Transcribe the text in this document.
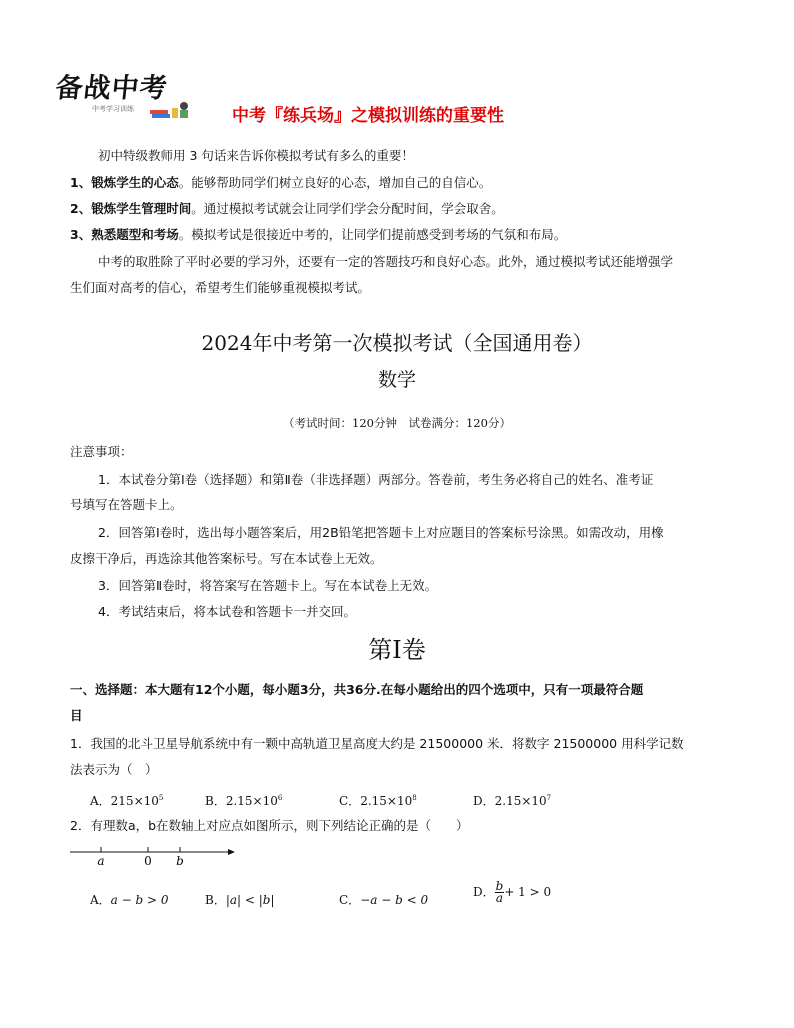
备战中考
中考学习训练	中考『练兵场』之模拟训练的重要性
初中特级教师用 3 句话来告诉你模拟考试有多么的重要！
1、锻炼学生的心态。能够帮助同学们树立良好的心态，增加自己的自信心。
2、锻炼学生管理时间。通过模拟考试就会让同学们学会分配时间，学会取舍。
3、熟悉题型和考场。模拟考试是很接近中考的，让同学们提前感受到考场的气氛和布局。
中考的取胜除了平时必要的学习外，还要有一定的答题技巧和良好心态。此外，通过模拟考试还能增强学
生们面对高考的信心，希望考生们能够重视模拟考试。
2024年中考第一次模拟考试（全国通用卷）
数学
（考试时间：120分钟　试卷满分：120分）
注意事项：
1．本试卷分第Ⅰ卷（选择题）和第Ⅱ卷（非选择题）两部分。答卷前，考生务必将自己的姓名、准考证
号填写在答题卡上。
2．回答第Ⅰ卷时，选出每小题答案后，用2B铅笔把答题卡上对应题目的答案标号涂黑。如需改动，用橡
皮擦干净后，再选涂其他答案标号。写在本试卷上无效。
3．回答第Ⅱ卷时，将答案写在答题卡上。写在本试卷上无效。
4．考试结束后，将本试卷和答题卡一并交回。
第Ⅰ卷
一、选择题：本大题有12个小题，每小题3分，共36分.在每小题给出的四个选项中，只有一项最符合题
目
1．我国的北斗卫星导航系统中有一颗中高轨道卫星高度大约是 21500000 米．将数字 21500000 用科学记数
法表示为（　）
A．$215\times 10^5$	B．$2.15\times 10^6$	C．$2.15\times 10^8$	D．$2.15\times 10^7$
2．有理数a，b在数轴上对应点如图所示，则下列结论正确的是（　　）
a	0 b
A．a − b > 0	B．|a| < |b|	C．−a − b < 0
D． $\frac{b}{a} + 1 > 0$
